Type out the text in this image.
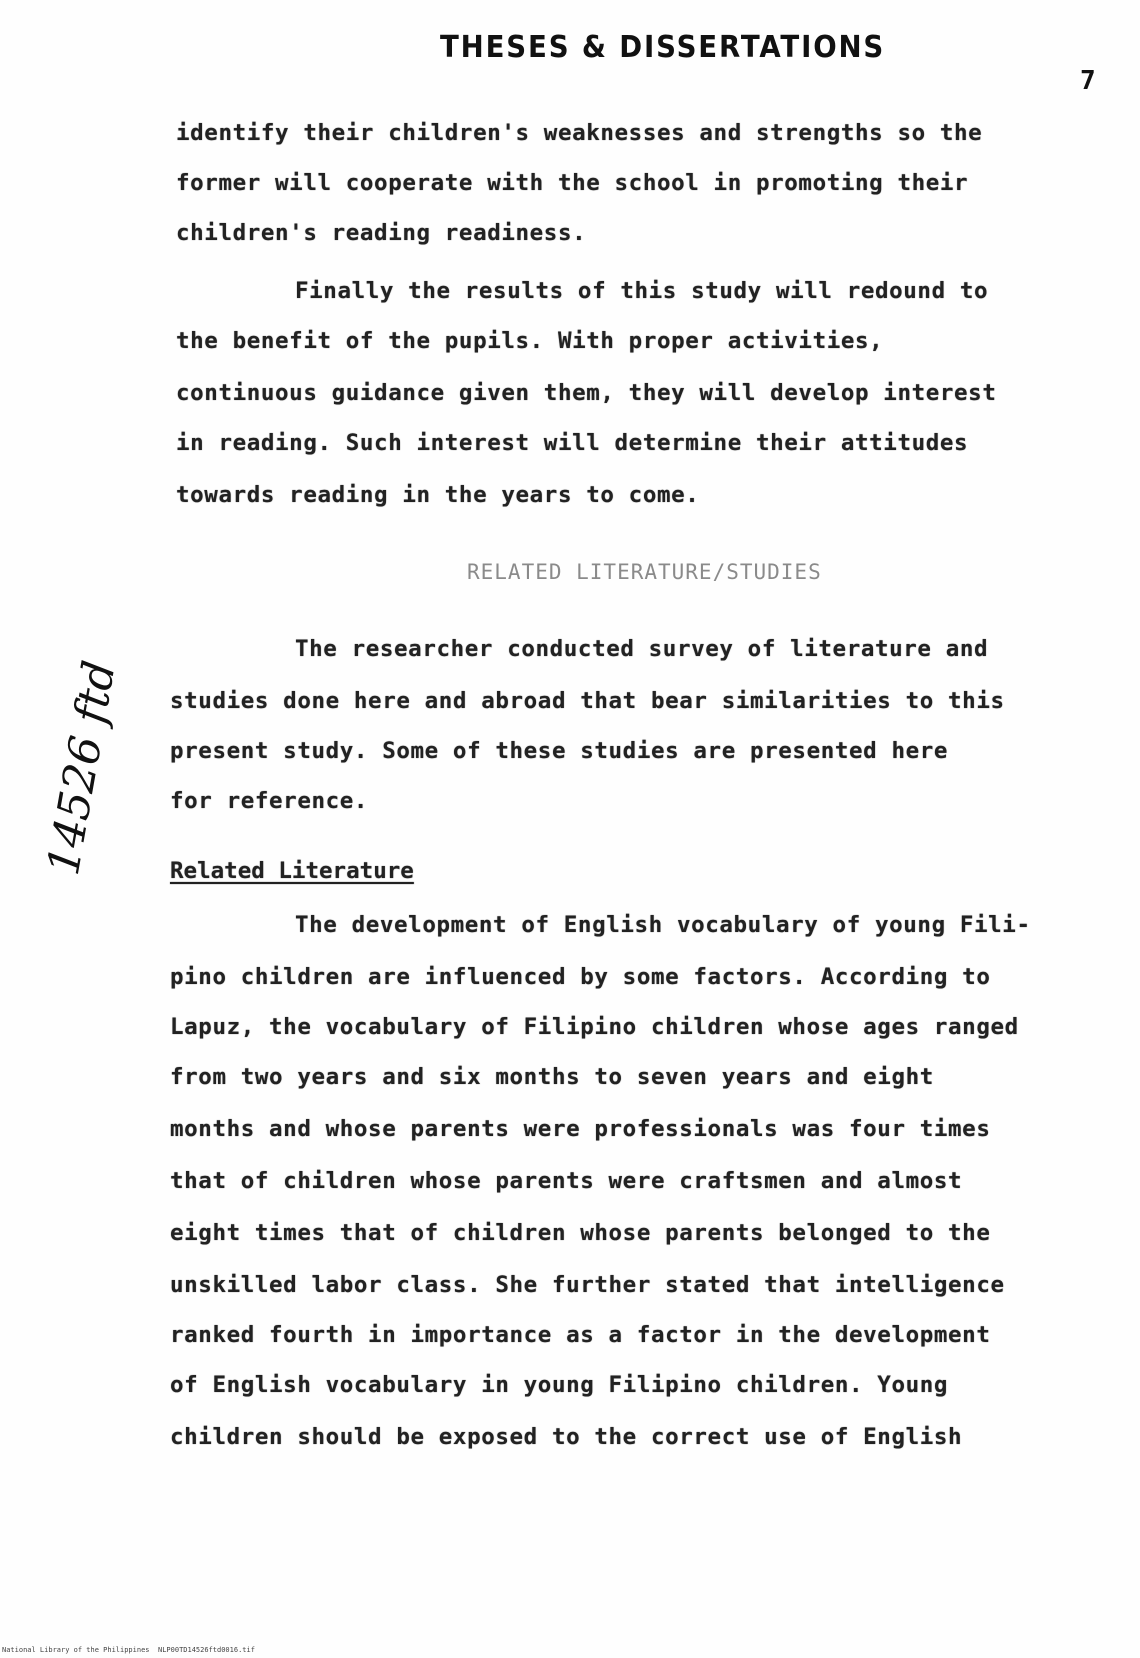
THESES & DISSERTATIONS
7
14526 ftd
identify their children's weaknesses and strengths so the
former will cooperate with the school in promoting their
children's reading readiness.
Finally the results of this study will redound to
the benefit of the pupils. With proper activities,
continuous guidance given them, they will develop interest
in reading. Such interest will determine their attitudes
towards reading in the years to come.
RELATED LITERATURE/STUDIES
The researcher conducted survey of literature and
studies done here and abroad that bear similarities to this
present study. Some of these studies are presented here
for reference.
Related Literature
The development of English vocabulary of young Fili-
pino children are influenced by some factors. According to
Lapuz, the vocabulary of Filipino children whose ages ranged
from two years and six months to seven years and eight
months and whose parents were professionals was four times
that of children whose parents were craftsmen and almost
eight times that of children whose parents belonged to the
unskilled labor class. She further stated that intelligence
ranked fourth in importance as a factor in the development
of English vocabulary in young Filipino children. Young
children should be exposed to the correct use of English
National Library of the Philippines NLP00TD14526ftd0016.tif
